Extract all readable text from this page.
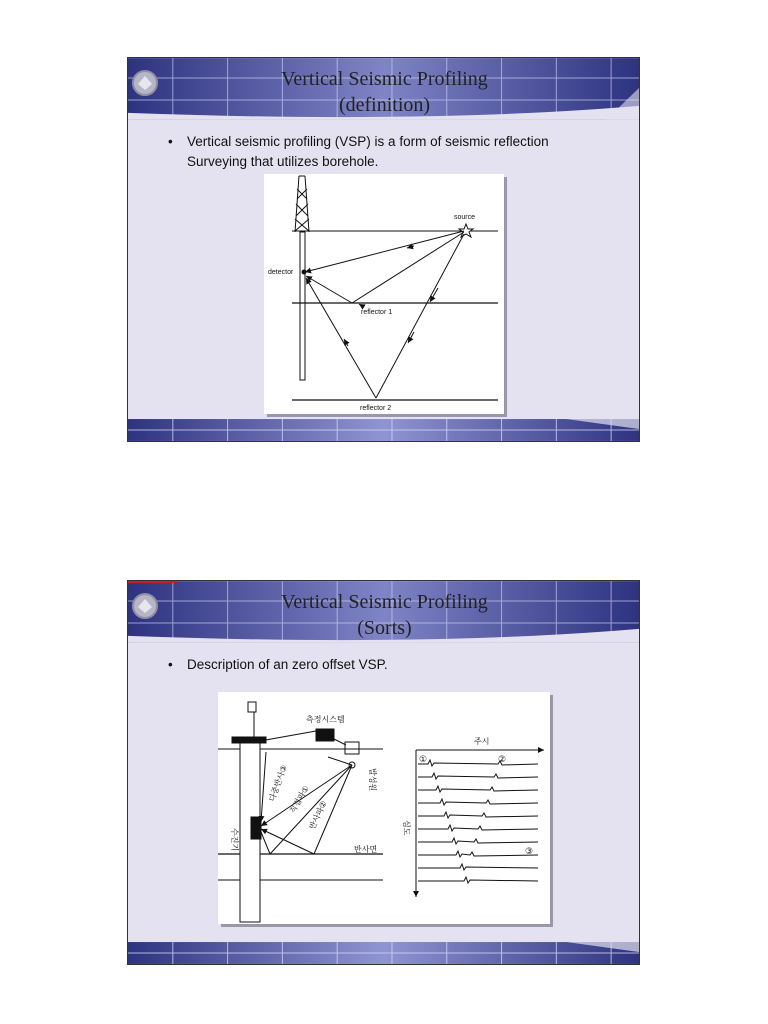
Vertical Seismic Profiling
(definition)
• Vertical seismic profiling (VSP) is a form of seismic reflection
Surveying that utilizes borehole.
source
detector
reflector 1
reflector 2
Vertical Seismic Profiling
(Sorts)
• Description of an zero offset VSP.
측정시스템
발성원
다중반사③ 직접파①
반사파②
수진기	반사면
주시
심도
①	②
③
